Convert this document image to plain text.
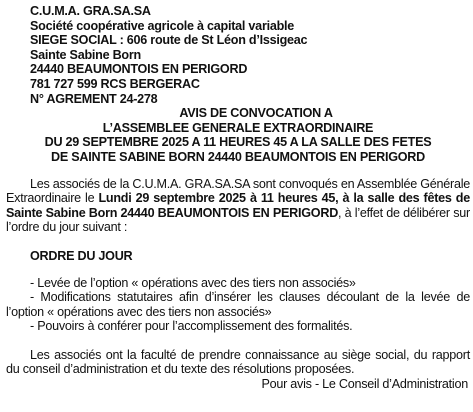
C.U.M.A. GRA.SA.SA
Société coopérative agricole à capital variable
SIEGE SOCIAL : 606 route de St Léon d’Issigeac
Sainte Sabine Born
24440 BEAUMONTOIS EN PERIGORD
781 727 599 RCS BERGERAC
N° AGREMENT 24-278
AVIS DE CONVOCATION A
L’ASSEMBLEE GENERALE EXTRAORDINAIRE
DU 29 SEPTEMBRE 2025 A 11 HEURES 45 A LA SALLE DES FETES
DE SAINTE SABINE BORN 24440 BEAUMONTOIS EN PERIGORD

Les associés de la C.U.M.A. GRA.SA.SA sont convoqués en Assemblée Générale Extraordinaire le Lundi 29 septembre 2025 à 11 heures 45, à la salle des fêtes de Sainte Sabine Born 24440 BEAUMONTOIS EN PERIGORD, à l’effet de délibérer sur l’ordre du jour suivant :

ORDRE DU JOUR
- Levée de l’option « opérations avec des tiers non associés»

- Modifications statutaires afin d’insérer les clauses découlant de la levée de l’option « opérations avec des tiers non associés»

- Pouvoirs à conférer pour l’accomplissement des formalités.

Les associés ont la faculté de prendre connaissance au siège social, du rapport du conseil d’administration et du texte des résolutions proposées.

Pour avis - Le Conseil d’Administration
